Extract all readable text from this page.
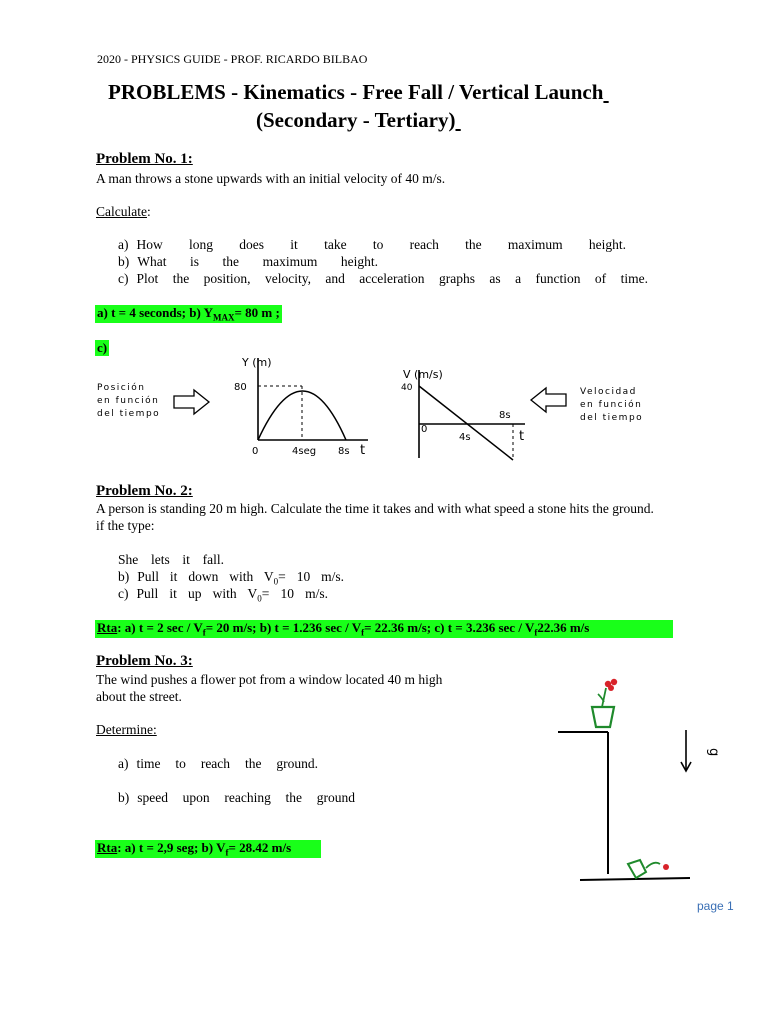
2020 - PHYSICS GUIDE - PROF. RICARDO BILBAO
PROBLEMS - Kinematics - Free Fall / Vertical Launch
(Secondary - Tertiary)
Problem No. 1:
A man throws a stone upwards with an initial velocity of 40 m/s.
Calculate:
a) How long does it take to reach the maximum height.
b) What is the maximum height.
c) Plot the position, velocity, and acceleration graphs as a function of time.
a) t = 4 seconds; b) $Y_{MAX}= 80$ m ;
c)
Posición
en función
del tiempo
Y (m)
80
0	4seg 8s t
V (m/s)
40
0
4s
8s
t
Velocidad
en función
del tiempo
Problem No. 2:
A person is standing 20 m high. Calculate the time it takes and with what speed a stone hits the ground.
if the type:
She lets it fall.
b) Pull it down with $V_0= 10$ m/s.
c) Pull it up with $V_0= 10$ m/s.
Rta: a) t = 2 $\sec / V_f= 20$ m/s; b) t = 1.236 $\sec / V_f= 22.36$ m/s; c) t = 3.236 sec / $V_f22.36$ m/s
Problem No. 3:
The wind pushes a flower pot from a window located 40 m high
about the street.
Determine:
a) time to reach the ground.
b) speed upon reaching the ground
Rta: a) t = 2,9 seg; b) $V_f= 28.42$ m/s
g
page 1
